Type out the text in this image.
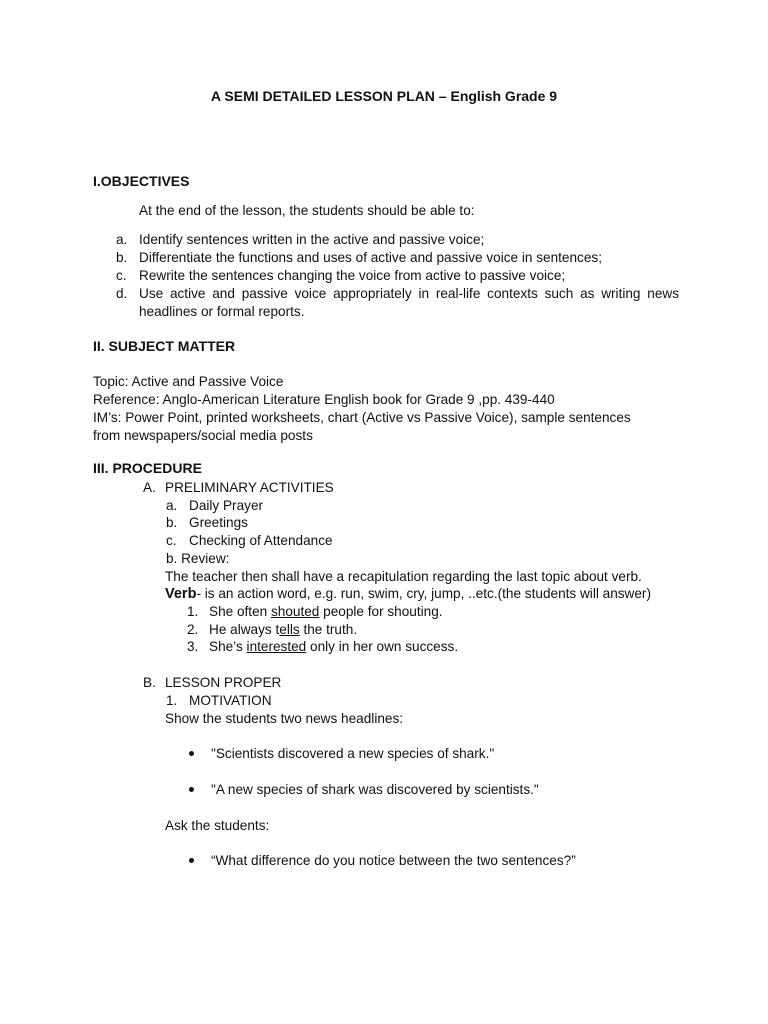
A SEMI DETAILED LESSON PLAN – English Grade 9
I.OBJECTIVES
At the end of the lesson, the students should be able to:
a. Identify sentences written in the active and passive voice;
b. Differentiate the functions and uses of active and passive voice in sentences;
c. Rewrite the sentences changing the voice from active to passive voice;
d. Use active and passive voice appropriately in real-life contexts such as writing news headlines or formal reports.
II. SUBJECT MATTER
Topic: Active and Passive Voice
Reference: Anglo-American Literature English book for Grade 9 ,pp. 439-440
IM’s: Power Point, printed worksheets, chart (Active vs Passive Voice), sample sentences
from newspapers/social media posts
III. PROCEDURE
A. PRELIMINARY ACTIVITIES
a. Daily Prayer
b. Greetings
c. Checking of Attendance
b. Review:
The teacher then shall have a recapitulation regarding the last topic about verb.
Verb- is an action word, e.g. run, swim, cry, jump, ..etc.(the students will answer)
1. She often shouted people for shouting.
2. He always tells the truth.
3. She’s interested only in her own success.
B. LESSON PROPER
1. MOTIVATION
Show the students two news headlines:
"Scientists discovered a new species of shark."
"A new species of shark was discovered by scientists."
Ask the students:
“What difference do you notice between the two sentences?”
